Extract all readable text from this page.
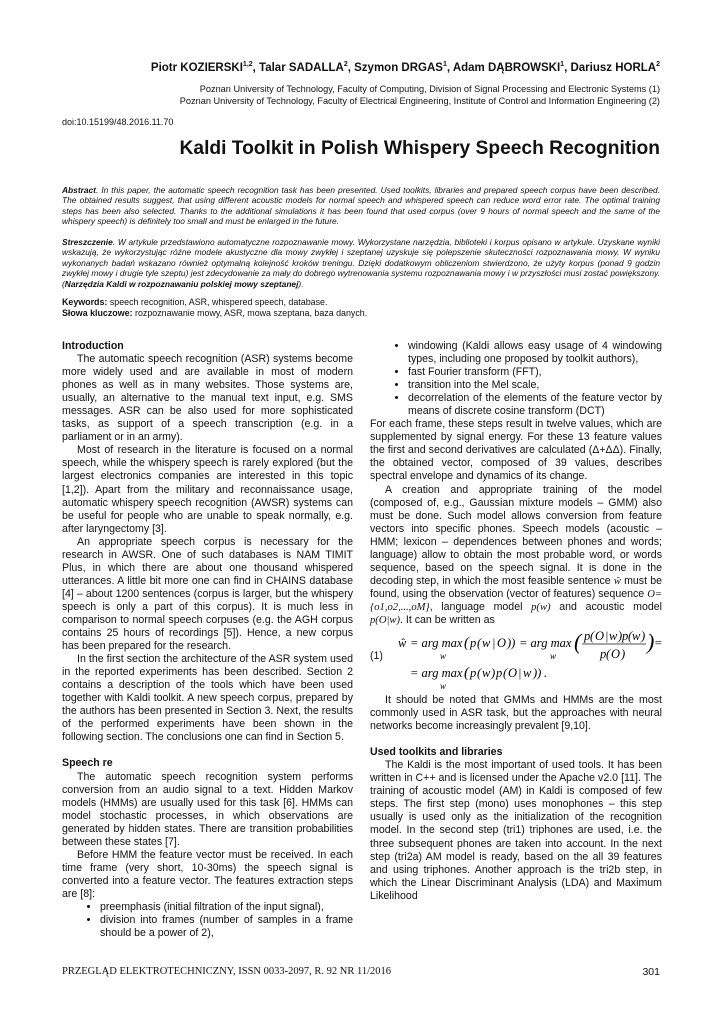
Piotr KOZIERSKI$^{1,2}$, Talar SADALLA$^2$, Szymon DRGAS$^1$, Adam DĄBROWSKI$^1$, Dariusz HORLA$^2$
Poznan University of Technology, Faculty of Computing, Division of Signal Processing and Electronic Systems (1)
Poznan University of Technology, Faculty of Electrical Engineering, Institute of Control and Information Engineering (2)
doi:10.15199/48.2016.11.70
Kaldi Toolkit in Polish Whispery Speech Recognition
Abstract. In this paper, the automatic speech recognition task has been presented. Used toolkits, libraries and prepared speech corpus have been described. The obtained results suggest, that using different acoustic models for normal speech and whispered speech can reduce word error rate. The optimal training steps has been also selected. Thanks to the additional simulations it has been found that used corpus (over 9 hours of normal speech and the same of the whispery speech) is definitely too small and must be enlarged in the future.
Streszczenie. W artykule przedstawiono automatyczne rozpoznawanie mowy. Wykorzystane narzędzia, biblioteki i korpus opisano w artykule. Uzyskane wyniki wskazują, że wykorzystując różne modele akustyczne dla mowy zwykłej i szeptanej uzyskuje się polepszenie skuteczności rozpoznawania mowy. W wyniku wykonanych badań wskazano również optymalną kolejność kroków treningu. Dzięki dodatkowym obliczeniom stwierdzono, że użyty korpus (ponad 9 godzin zwykłej mowy i drugie tyle szeptu) jest zdecydowanie za mały do dobrego wytrenowania systemu rozpoznawania mowy i w przyszłości musi zostać powiększony. (Narzędzia Kaldi w rozpoznawaniu polskiej mowy szeptanej).
Keywords: speech recognition, ASR, whispered speech, database.
Słowa kluczowe: rozpoznawanie mowy, ASR, mowa szeptana, baza danych.

Introduction

The automatic speech recognition (ASR) systems become more widely used and are available in most of modern phones as well as in many websites. Those systems are, usually, an alternative to the manual text input, e.g. SMS messages. ASR can be also used for more sophisticated tasks, as support of a speech transcription (e.g. in a parliament or in an army).

Most of research in the literature is focused on a normal speech, while the whispery speech is rarely explored (but the largest electronics companies are interested in this topic [1,2]). Apart from the military and reconnaissance usage, automatic whispery speech recognition (AWSR) systems can be useful for people who are unable to speak normally, e.g. after laryngectomy [3].

An appropriate speech corpus is necessary for the research in AWSR. One of such databases is NAM TIMIT Plus, in which there are about one thousand whispered utterances. A little bit more one can find in CHAINS database [4] – about 1200 sentences (corpus is larger, but the whispery speech is only a part of this corpus). It is much less in comparison to normal speech corpuses (e.g. the AGH corpus contains 25 hours of recordings [5]). Hence, a new corpus has been prepared for the research.

In the first section the architecture of the ASR system used in the reported experiments has been described. Section 2 contains a description of the tools which have been used together with Kaldi toolkit. A new speech corpus, prepared by the authors has been presented in Section 3. Next, the results of the performed experiments have been shown in the following section. The conclusions one can find in Section 5.

Speech re

The automatic speech recognition system performs conversion from an audio signal to a text. Hidden Markov models (HMMs) are usually used for this task [6]. HMMs can model stochastic processes, in which observations are generated by hidden states. There are transition probabilities between these states [7].

Before HMM the feature vector must be received. In each time frame (very short, 10-30ms) the speech signal is converted into a feature vector. The features extraction steps are [8]:

• preemphasis (initial filtration of the input signal),
• division into frames (number of samples in a frame should be a power of 2),
• windowing (Kaldi allows easy usage of 4 windowing types, including one proposed by toolkit authors),
• fast Fourier transform (FFT),
• transition into the Mel scale,
• decorrelation of the elements of the feature vector by means of discrete cosine transform (DCT)

For each frame, these steps result in twelve values, which are supplemented by signal energy. For these 13 feature values the first and second derivatives are calculated (Δ+ΔΔ). Finally, the obtained vector, composed of 39 values, describes spectral envelope and dynamics of its change.

A creation and appropriate training of the model (composed of, e.g., Gaussian mixture models – GMM) also must be done. Such model allows conversion from feature vectors into specific phones. Speech models (acoustic – HMM; lexicon – dependences between phones and words; language) allow to obtain the most probable word, or words sequence, based on the speech signal. It is done in the decoding step, in which the most feasible sentence ŵ must be found, using the observation (vector of features) sequence O={o1,o2,...,oM}, language model p(w) and acoustic model p(O|w). It can be written as

(1)
ŵ = arg max
w
( p ( w | O )) = arg max
w
( p ( O | w ) p ( w )
p ( O ) ) =
= arg max
w
( p ( w ) p ( O | w )) .

It should be noted that GMMs and HMMs are the most commonly used in ASR task, but the approaches with neural networks become increasingly prevalent [9,10].

Used toolkits and libraries

The Kaldi is the most important of used tools. It has been written in C++ and is licensed under the Apache v2.0 [11]. The training of acoustic model (AM) in Kaldi is composed of few steps. The first step (mono) uses monophones – this step usually is used only as the initialization of the recognition model. In the second step (tri1) triphones are used, i.e. the three subsequent phones are taken into account. In the next step (tri2a) AM model is ready, based on the all 39 features and using triphones. Another approach is the tri2b step, in which the Linear Discriminant Analysis (LDA) and Maximum Likelihood

PRZEGLĄD ELEKTROTECHNICZNY, ISSN 0033-2097, R. 92 NR 11/2016	301
